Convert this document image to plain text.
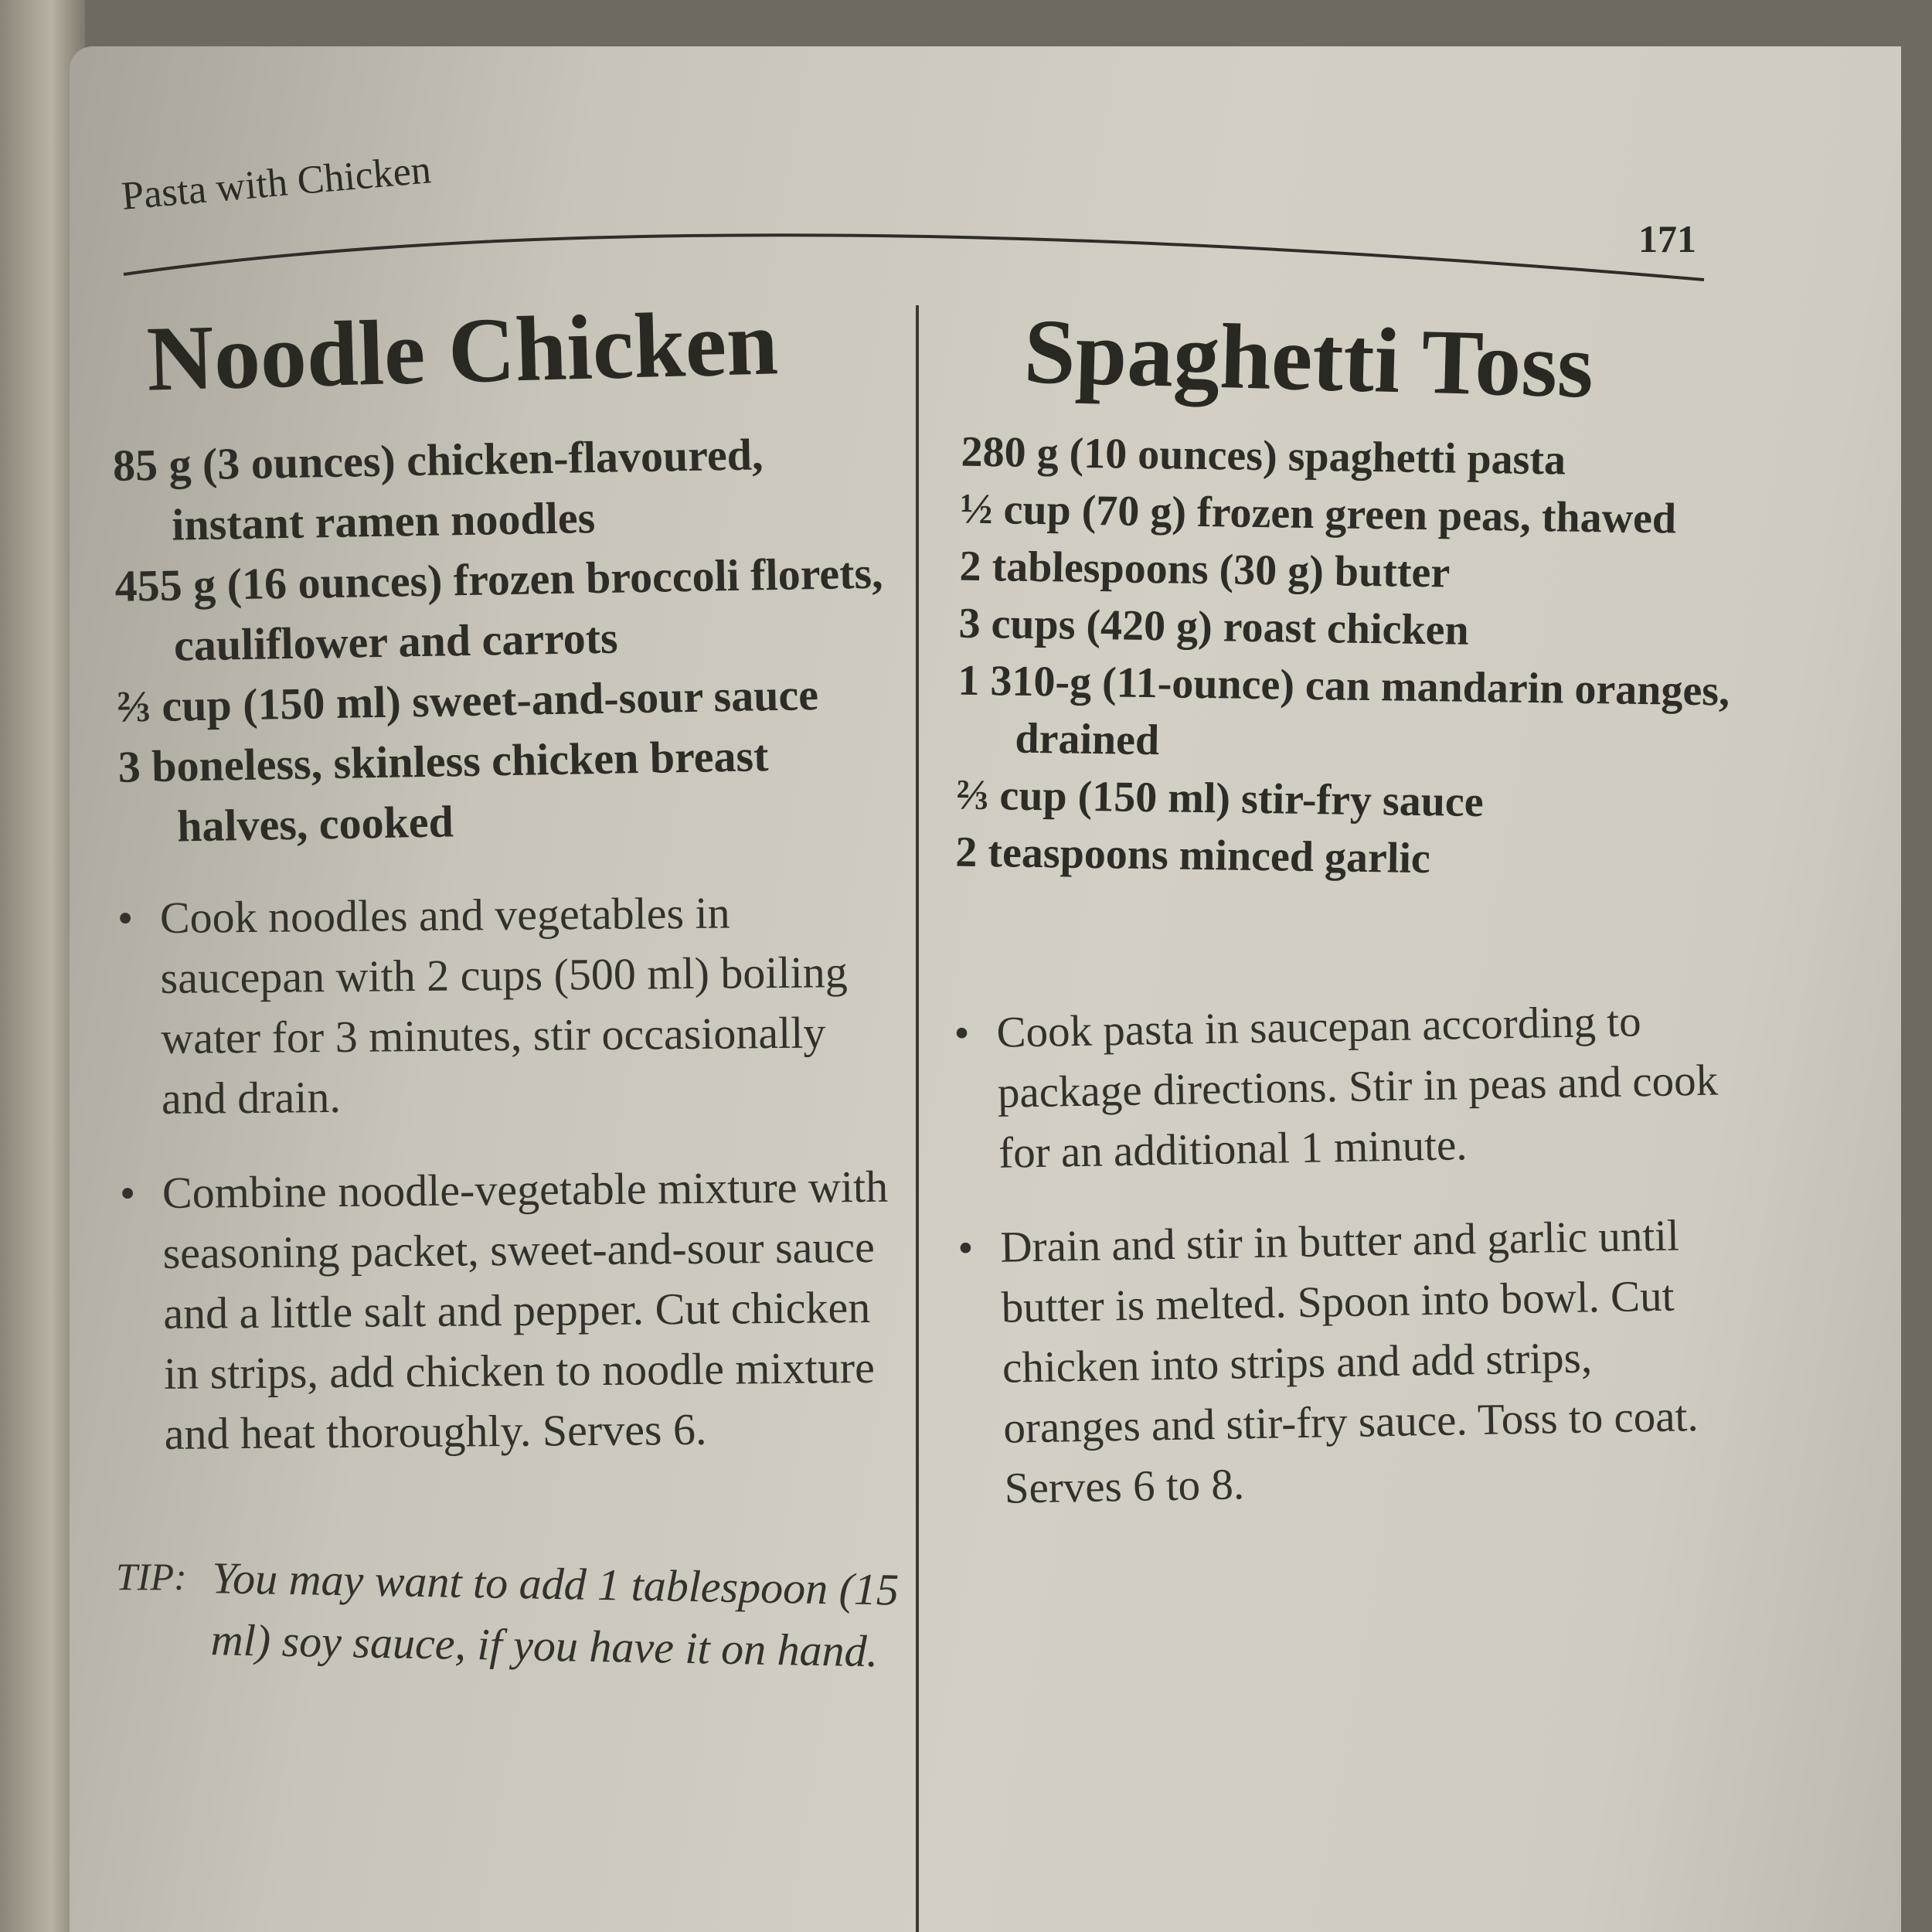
Pasta with Chicken
171
Noodle Chicken
85 g (3 ounces) chicken-flavoured, instant ramen noodles
455 g (16 ounces) frozen broccoli florets, cauliflower and carrots
⅔ cup (150 ml) sweet-and-sour sauce
3 boneless, skinless chicken breast halves, cooked
• Cook noodles and vegetables in saucepan with 2 cups (500 ml) boiling water for 3 minutes, stir occasionally and drain.
• Combine noodle-vegetable mixture with seasoning packet, sweet-and-sour sauce and a little salt and pepper. Cut chicken in strips, add chicken to noodle mixture and heat thoroughly. Serves 6.
TIP: You may want to add 1 tablespoon (15 ml) soy sauce, if you have it on hand.
Spaghetti Toss
280 g (10 ounces) spaghetti pasta
½ cup (70 g) frozen green peas, thawed
2 tablespoons (30 g) butter
3 cups (420 g) roast chicken
1 310-g (11-ounce) can mandarin oranges, drained
⅔ cup (150 ml) stir-fry sauce
2 teaspoons minced garlic
• Cook pasta in saucepan according to package directions. Stir in peas and cook for an additional 1 minute.
• Drain and stir in butter and garlic until butter is melted. Spoon into bowl. Cut chicken into strips and add strips, oranges and stir-fry sauce. Toss to coat. Serves 6 to 8.
